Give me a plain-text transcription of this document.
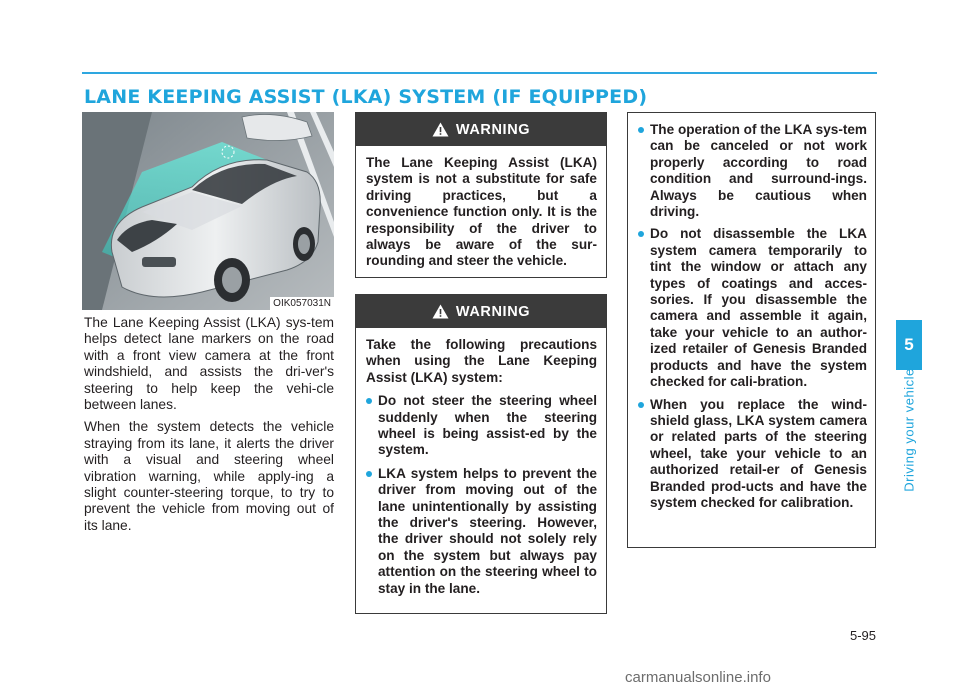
LANE KEEPING ASSIST (LKA) SYSTEM (IF EQUIPPED)
OIK057031N

The Lane Keeping Assist (LKA) sys-tem helps detect lane markers on the road with a front view camera at the front windshield, and assists the dri-ver's steering to help keep the vehi-cle between lanes.

When the system detects the vehicle straying from its lane, it alerts the driver with a visual and steering wheel vibration warning, while apply-ing a slight counter-steering torque, to try to prevent the vehicle from moving out of its lane.

WARNING

The Lane Keeping Assist (LKA) system is not a substitute for safe driving practices, but a convenience function only. It is the responsibility of the driver to always be aware of the sur-rounding and steer the vehicle.

WARNING

Take the following precautions when using the Lane Keeping Assist (LKA) system:

Do not steer the steering wheel suddenly when the steering wheel is being assist-ed by the system.
LKA system helps to prevent the driver from moving out of the lane unintentionally by assisting the driver's steering. However, the driver should not solely rely on the system but always pay attention on the steering wheel to stay in the lane.
The operation of the LKA sys-tem can be canceled or not work properly according to road condition and surround-ings. Always be cautious when driving.
Do not disassemble the LKA system camera temporarily to tint the window or attach any types of coatings and acces-sories. If you disassemble the camera and assemble it again, take your vehicle to an author-ized retailer of Genesis Branded products and have the system checked for cali-bration.
When you replace the wind-shield glass, LKA system camera or related parts of the steering wheel, take your vehicle to an authorized retail-er of Genesis Branded prod-ucts and have the system checked for calibration.
5
Driving your vehicle
5-95
carmanualsonline.info
